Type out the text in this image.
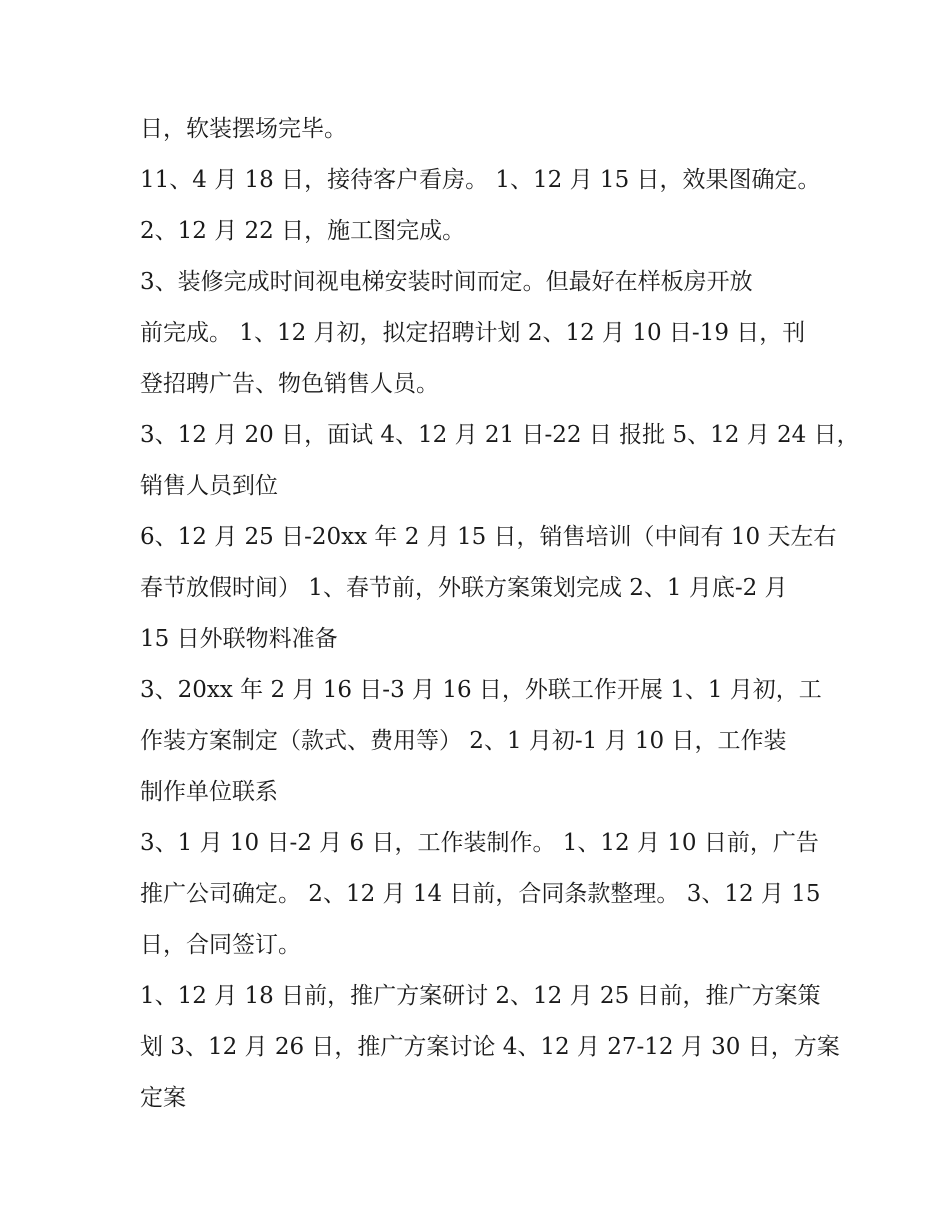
日，软装摆场完毕。
11、4 月 18 日，接待客户看房。 1、12 月 15 日，效果图确定。
2、12 月 22 日，施工图完成。
3、装修完成时间视电梯安装时间而定。但最好在样板房开放
前完成。 1、12 月初，拟定招聘计划 2、12 月 10 日-19 日，刊
登招聘广告、物色销售人员。
3、12 月 20 日，面试 4、12 月 21 日-22 日 报批 5、12 月 24 日，
销售人员到位
6、12 月 25 日-20xx 年 2 月 15 日，销售培训（中间有 10 天左右
春节放假时间） 1、春节前，外联方案策划完成 2、1 月底-2 月
15 日外联物料准备
3、20xx 年 2 月 16 日-3 月 16 日，外联工作开展 1、1 月初，工
作装方案制定（款式、费用等） 2、1 月初-1 月 10 日，工作装
制作单位联系
3、1 月 10 日-2 月 6 日，工作装制作。 1、12 月 10 日前，广告
推广公司确定。 2、12 月 14 日前，合同条款整理。 3、12 月 15
日，合同签订。
1、12 月 18 日前，推广方案研讨 2、12 月 25 日前，推广方案策
划 3、12 月 26 日，推广方案讨论 4、12 月 27-12 月 30 日，方案
定案
